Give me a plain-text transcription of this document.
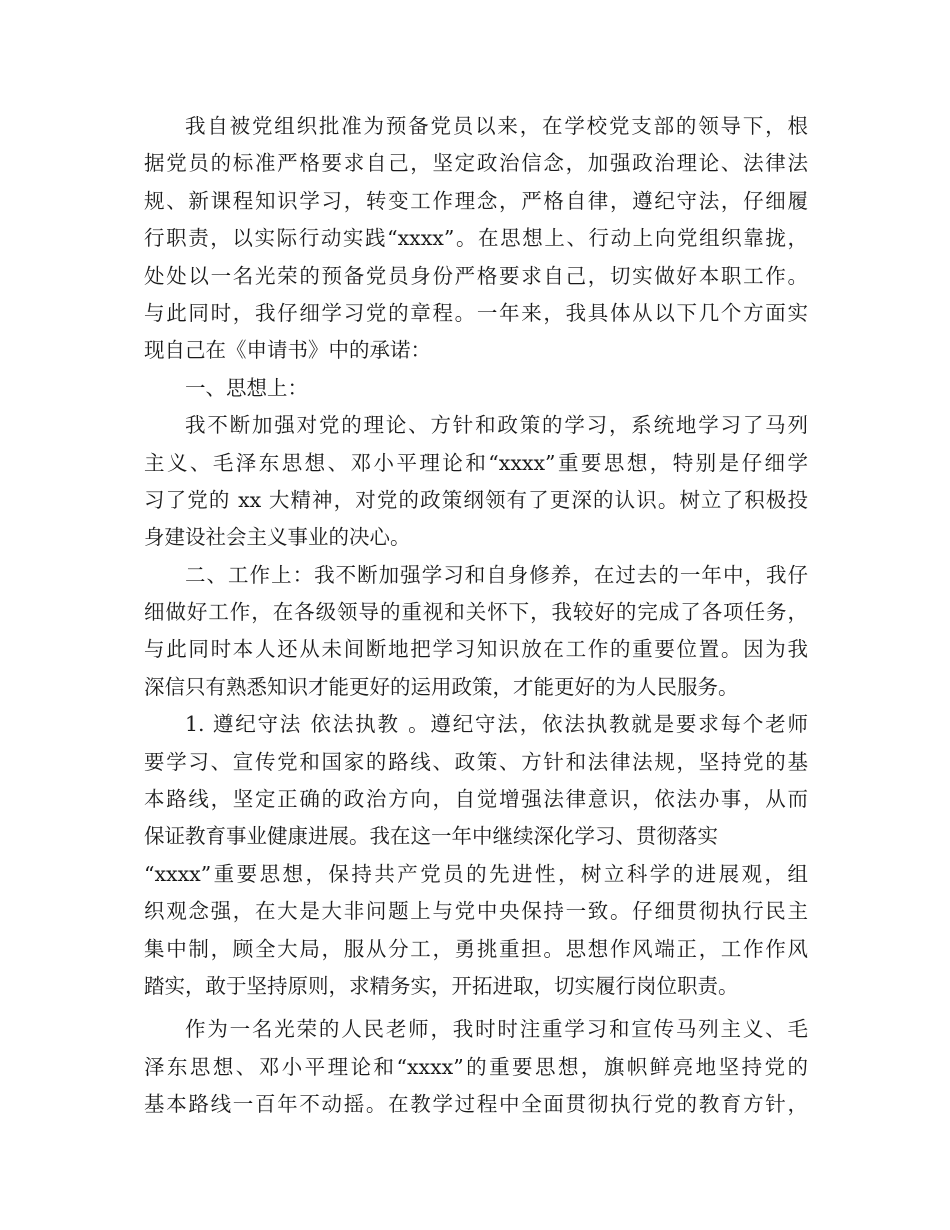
我自被党组织批准为预备党员以来，在学校党支部的领导下，根
据党员的标准严格要求自己，坚定政治信念，加强政治理论、法律法
规、新课程知识学习，转变工作理念，严格自律，遵纪守法，仔细履
行职责，以实际行动实践“xxxx”。在思想上、行动上向党组织靠拢，
处处以一名光荣的预备党员身份严格要求自己，切实做好本职工作。
与此同时，我仔细学习党的章程。一年来，我具体从以下几个方面实
现自己在《申请书》中的承诺：
一、思想上：
我不断加强对党的理论、方针和政策的学习，系统地学习了马列
主义、毛泽东思想、邓小平理论和“xxxx”重要思想，特别是仔细学
习了党的 xx 大精神，对党的政策纲领有了更深的认识。树立了积极投
身建设社会主义事业的决心。
二、工作上：我不断加强学习和自身修养，在过去的一年中，我仔
细做好工作，在各级领导的重视和关怀下，我较好的完成了各项任务，
与此同时本人还从未间断地把学习知识放在工作的重要位置。因为我
深信只有熟悉知识才能更好的运用政策，才能更好的为人民服务。
1. 遵纪守法 依法执教 。遵纪守法，依法执教就是要求每个老师
要学习、宣传党和国家的路线、政策、方针和法律法规，坚持党的基
本路线，坚定正确的政治方向，自觉增强法律意识，依法办事，从而
保证教育事业健康进展。我在这一年中继续深化学习、贯彻落实
“xxxx”重要思想，保持共产党员的先进性，树立科学的进展观，组
织观念强，在大是大非问题上与党中央保持一致。仔细贯彻执行民主
集中制，顾全大局，服从分工，勇挑重担。思想作风端正，工作作风
踏实，敢于坚持原则，求精务实，开拓进取，切实履行岗位职责。
作为一名光荣的人民老师，我时时注重学习和宣传马列主义、毛
泽东思想、邓小平理论和“xxxx”的重要思想，旗帜鲜亮地坚持党的
基本路线一百年不动摇。在教学过程中全面贯彻执行党的教育方针，
